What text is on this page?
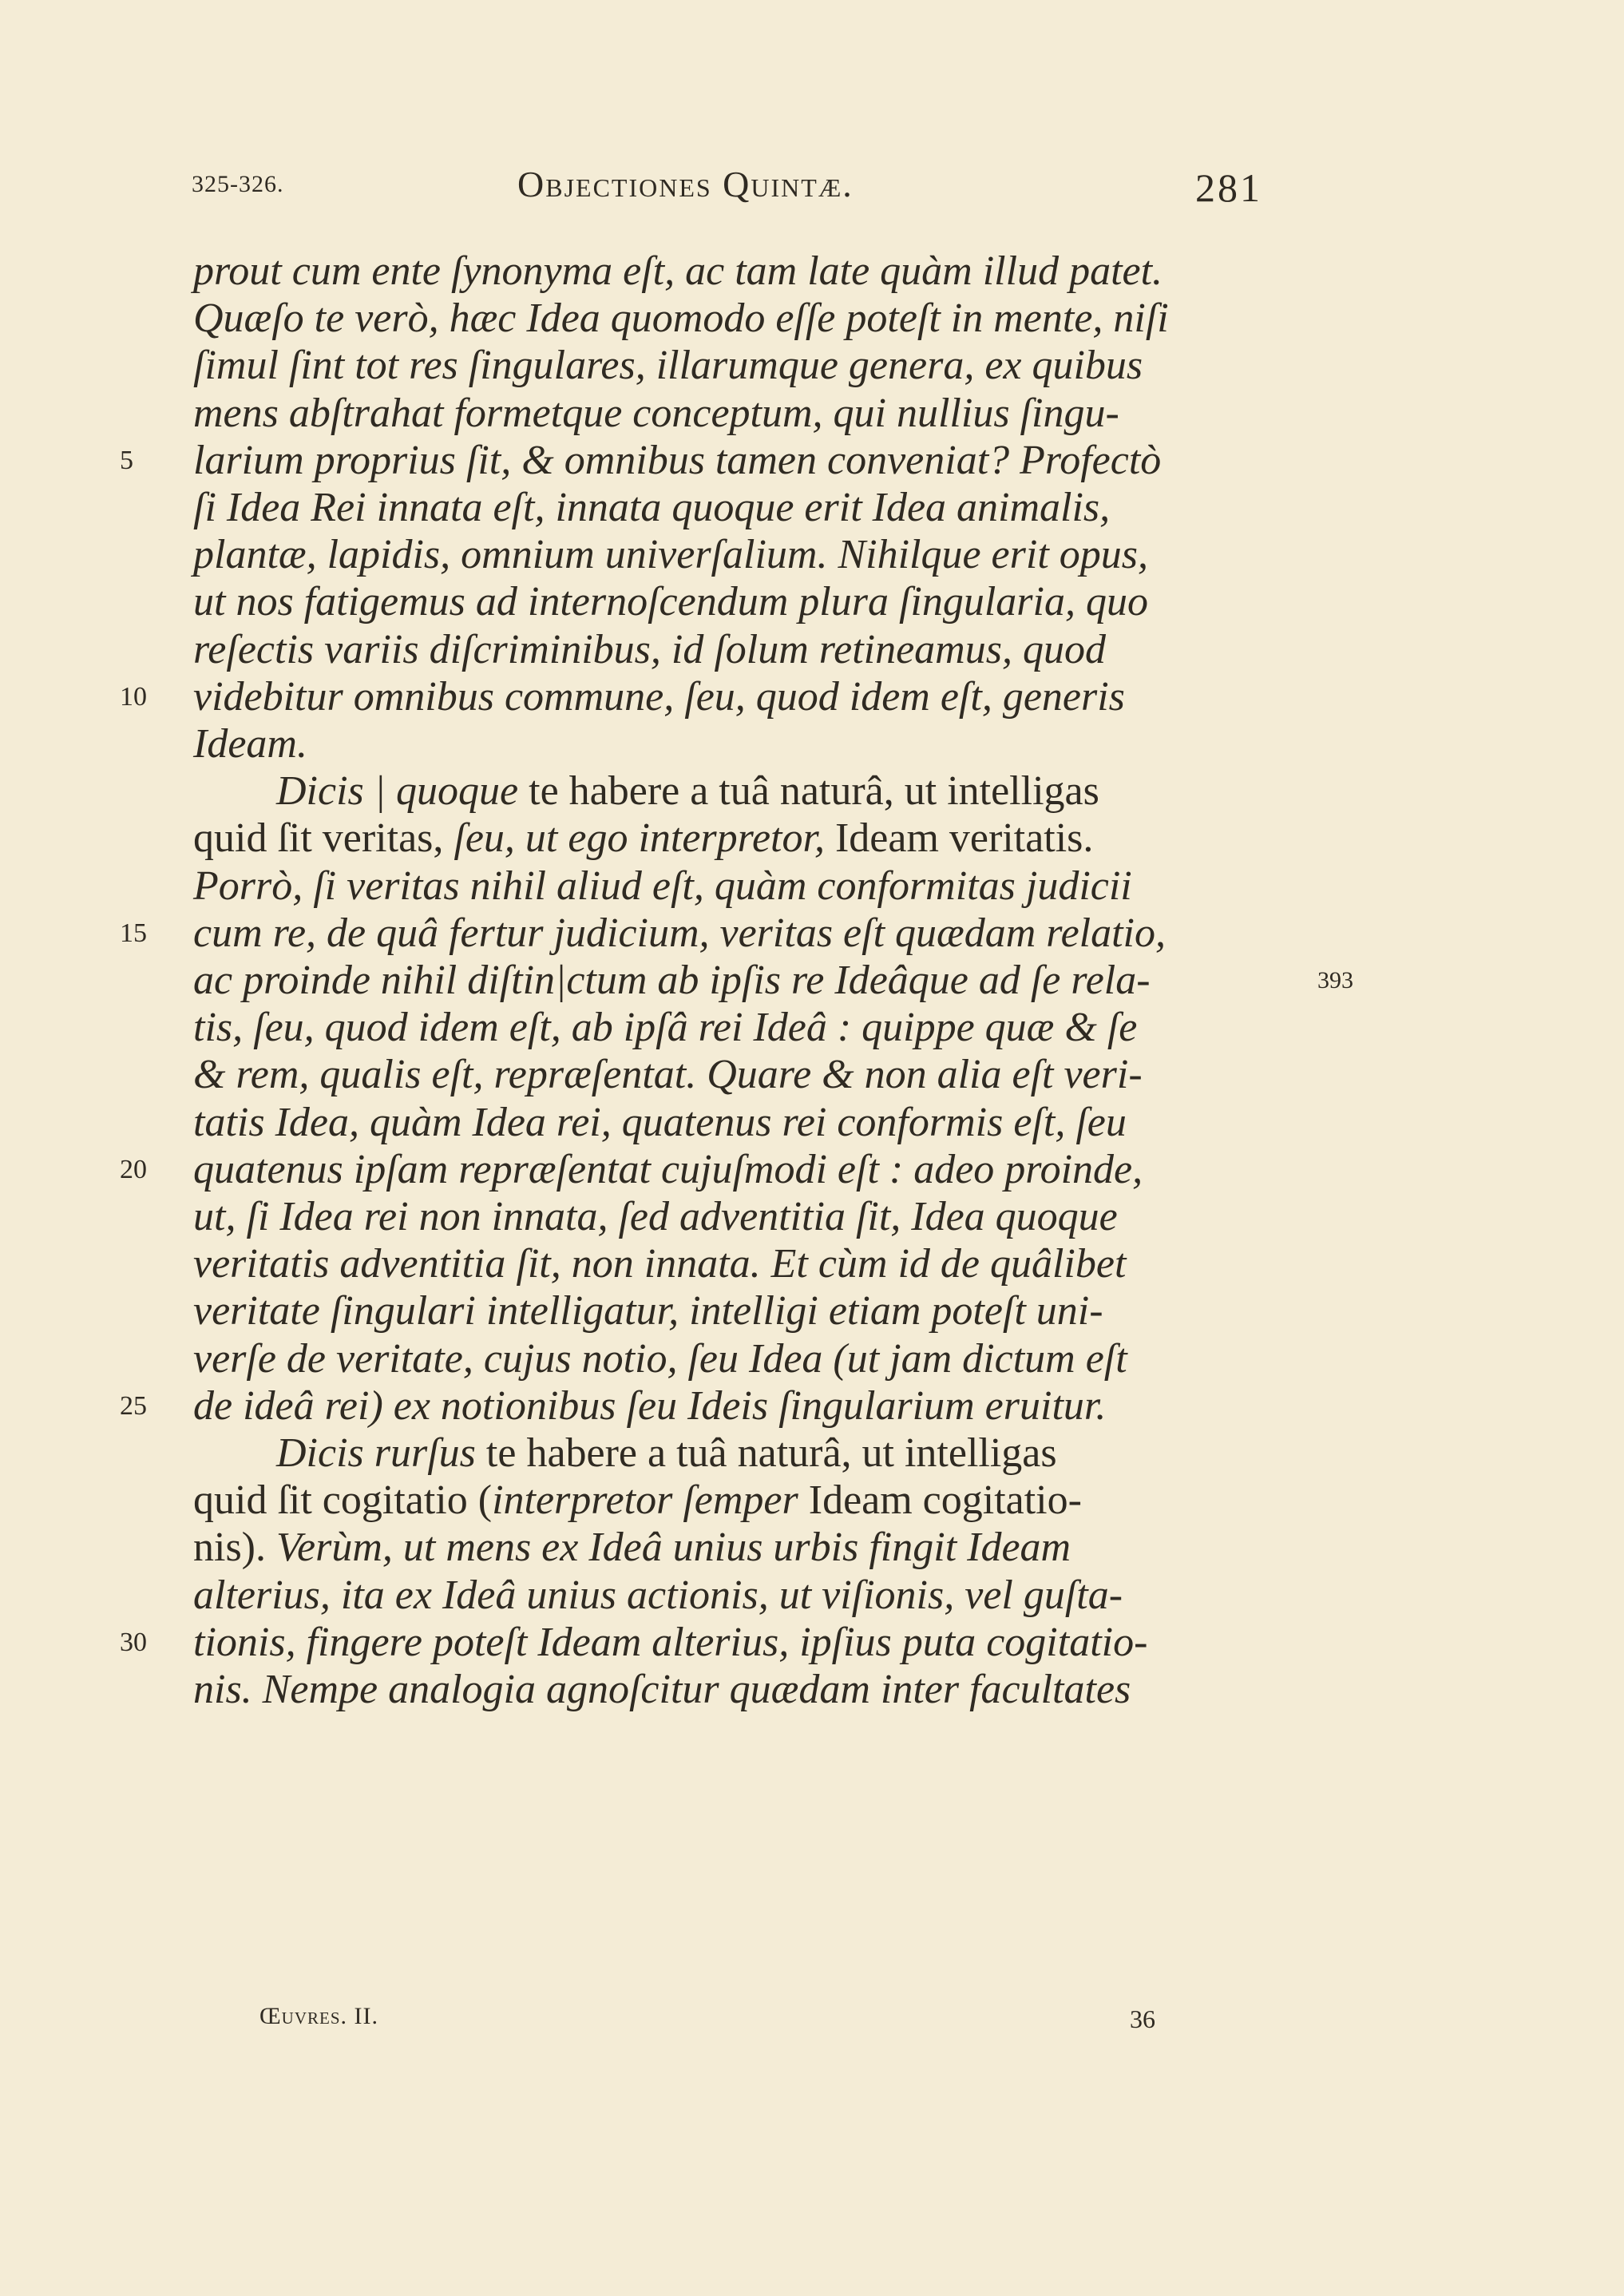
325-326.	Objectiones Quintæ.	281
prout cum ente ſynonyma eſt, ac tam late quàm illud patet.
Quæſo te verò, hæc Idea quomodo eſſe poteſt in mente, niſi
ſimul ſint tot res ſingulares, illarumque genera, ex quibus
mens abſtrahat formetque conceptum, qui nullius ſingu-
larium proprius ſit, & omnibus tamen conveniat? Profectò
ſi Idea Rei innata eſt, innata quoque erit Idea animalis,
plantæ, lapidis, omnium univerſalium. Nihilque erit opus,
ut nos fatigemus ad internoſcendum plura ſingularia, quo
reſectis variis diſcriminibus, id ſolum retineamus, quod
videbitur omnibus commune, ſeu, quod idem eſt, generis
Ideam.
  Dicis | quoque te habere a tuâ naturâ, ut intelligas
quid ſit veritas, ſeu, ut ego interpretor, Ideam veritatis.
Porrò, ſi veritas nihil aliud eſt, quàm conformitas judicii
cum re, de quâ fertur judicium, veritas eſt quædam relatio,
ac proinde nihil diſtin|ctum ab ipſis re Ideâque ad ſe rela-
tis, ſeu, quod idem eſt, ab ipſâ rei Ideâ : quippe quæ & ſe
& rem, qualis eſt, repræſentat. Quare & non alia eſt veri-
tatis Idea, quàm Idea rei, quatenus rei conformis eſt, ſeu
quatenus ipſam repræſentat cujuſmodi eſt : adeo proinde,
ut, ſi Idea rei non innata, ſed adventitia ſit, Idea quoque
veritatis adventitia ſit, non innata. Et cùm id de quâlibet
veritate ſingulari intelligatur, intelligi etiam poteſt uni-
verſe de veritate, cujus notio, ſeu Idea (ut jam dictum eſt
de ideâ rei) ex notionibus ſeu Ideis ſingularium eruitur.
  Dicis rurſus te habere a tuâ naturâ, ut intelligas
quid ſit cogitatio (interpretor ſemper Ideam cogitatio-
nis). Verùm, ut mens ex Ideâ unius urbis fingit Ideam
alterius, ita ex Ideâ unius actionis, ut viſionis, vel guſta-
tionis, fingere poteſt Ideam alterius, ipſius puta cogitatio-
nis. Nempe analogia agnoſcitur quædam inter facultates
5
10
15
20
25
30
393
Œuvres. II.	36
